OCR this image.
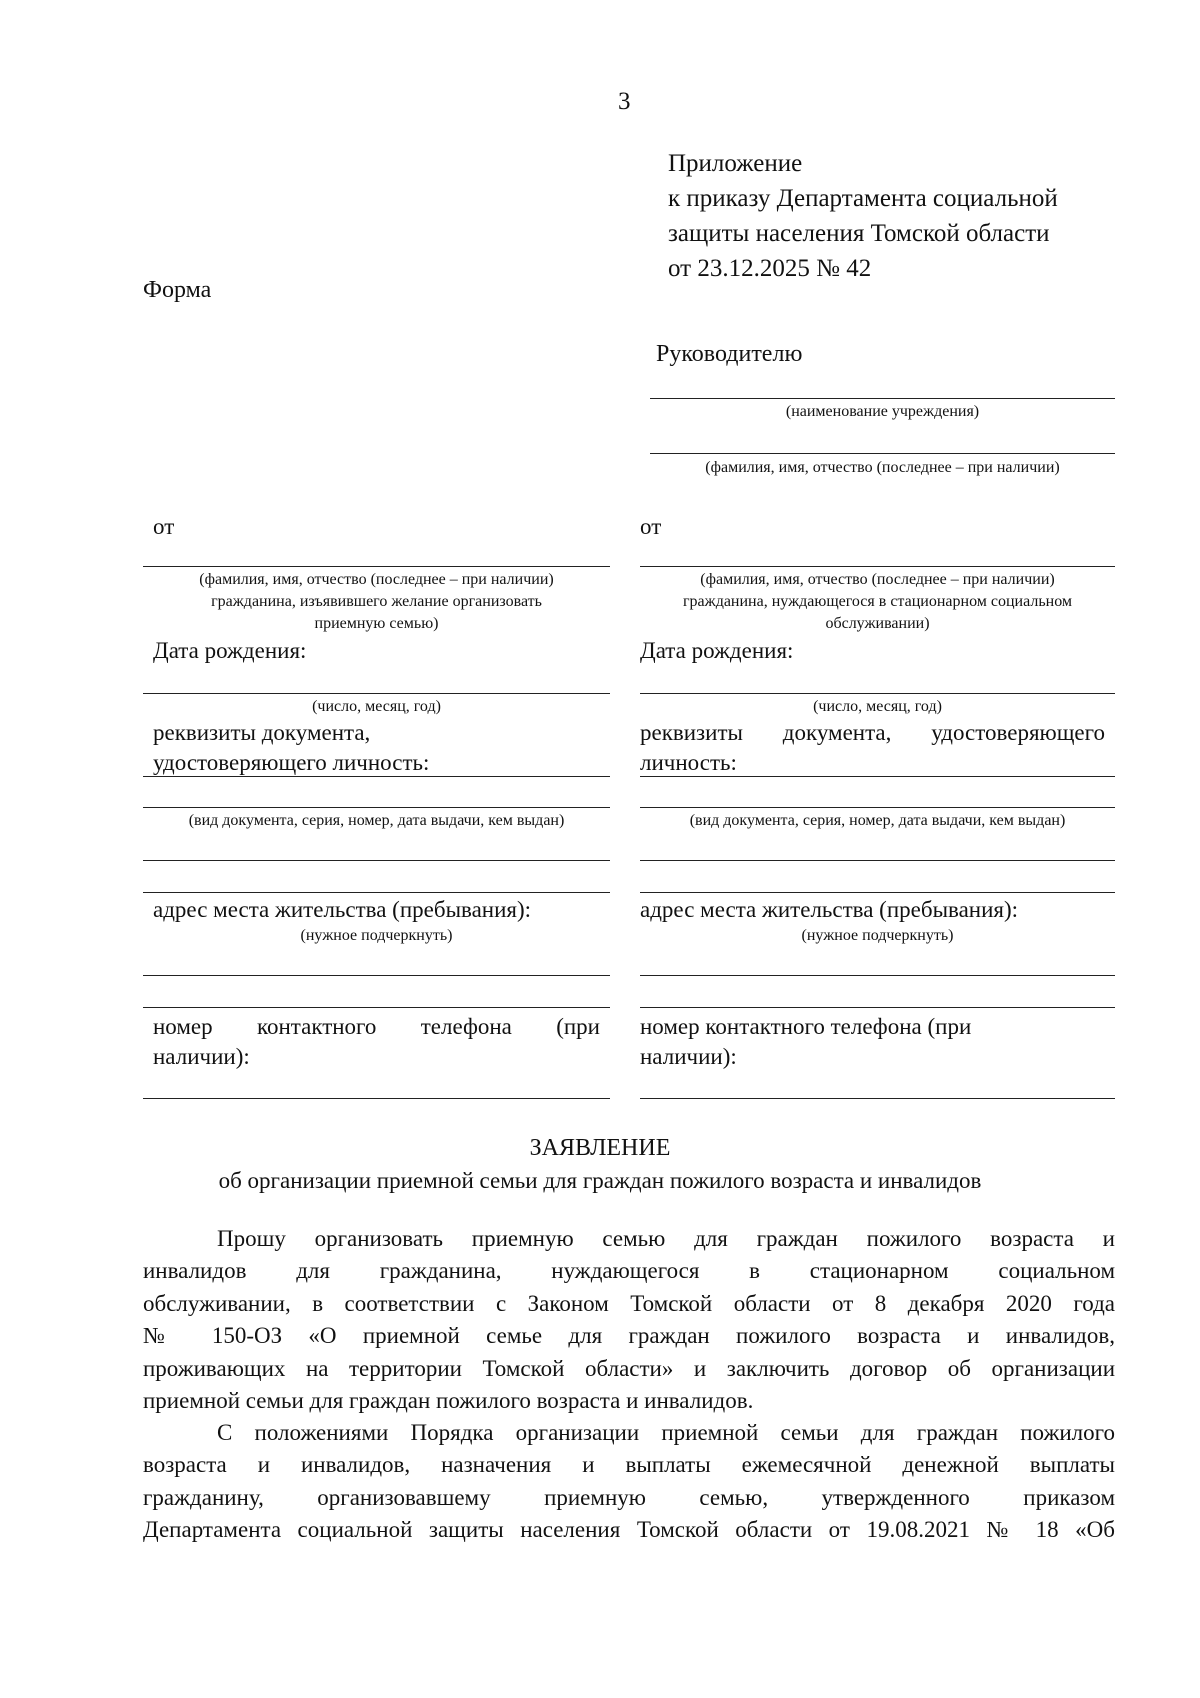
3
Приложение
к приказу Департамента социальной
защиты населения Томской области
от 23.12.2025 № 42
Форма
Руководителю
(наименование учреждения)
(фамилия, имя, отчество (последнее – при наличии)
от
(фамилия, имя, отчество (последнее – при наличии)
гражданина, изъявившего желание организовать
приемную семью)
Дата рождения:
(число, месяц, год)
реквизиты документа,
удостоверяющего личность:
(вид документа, серия, номер, дата выдачи, кем выдан)
адрес места жительства (пребывания):
(нужное подчеркнуть)
номер контактного телефона (при
наличии):
от
(фамилия, имя, отчество (последнее – при наличии)
гражданина, нуждающегося в стационарном социальном
обслуживании)
Дата рождения:
(число, месяц, год)
реквизиты документа, удостоверяющего
личность:
(вид документа, серия, номер, дата выдачи, кем выдан)
адрес места жительства (пребывания):
(нужное подчеркнуть)
номер контактного телефона (при
наличии):
ЗАЯВЛЕНИЕ
об организации приемной семьи для граждан пожилого возраста и инвалидов
Прошу организовать приемную семью для граждан пожилого возраста и
инвалидов для гражданина, нуждающегося в стационарном социальном
обслуживании, в соответствии с Законом Томской области от 8 декабря 2020 года
№ 150-ОЗ «О приемной семье для граждан пожилого возраста и инвалидов,
проживающих на территории Томской области» и заключить договор об организации
приемной семьи для граждан пожилого возраста и инвалидов.
С положениями Порядка организации приемной семьи для граждан пожилого
возраста и инвалидов, назначения и выплаты ежемесячной денежной выплаты
гражданину, организовавшему приемную семью, утвержденного приказом
Департамента социальной защиты населения Томской области от 19.08.2021 № 18 «Об
